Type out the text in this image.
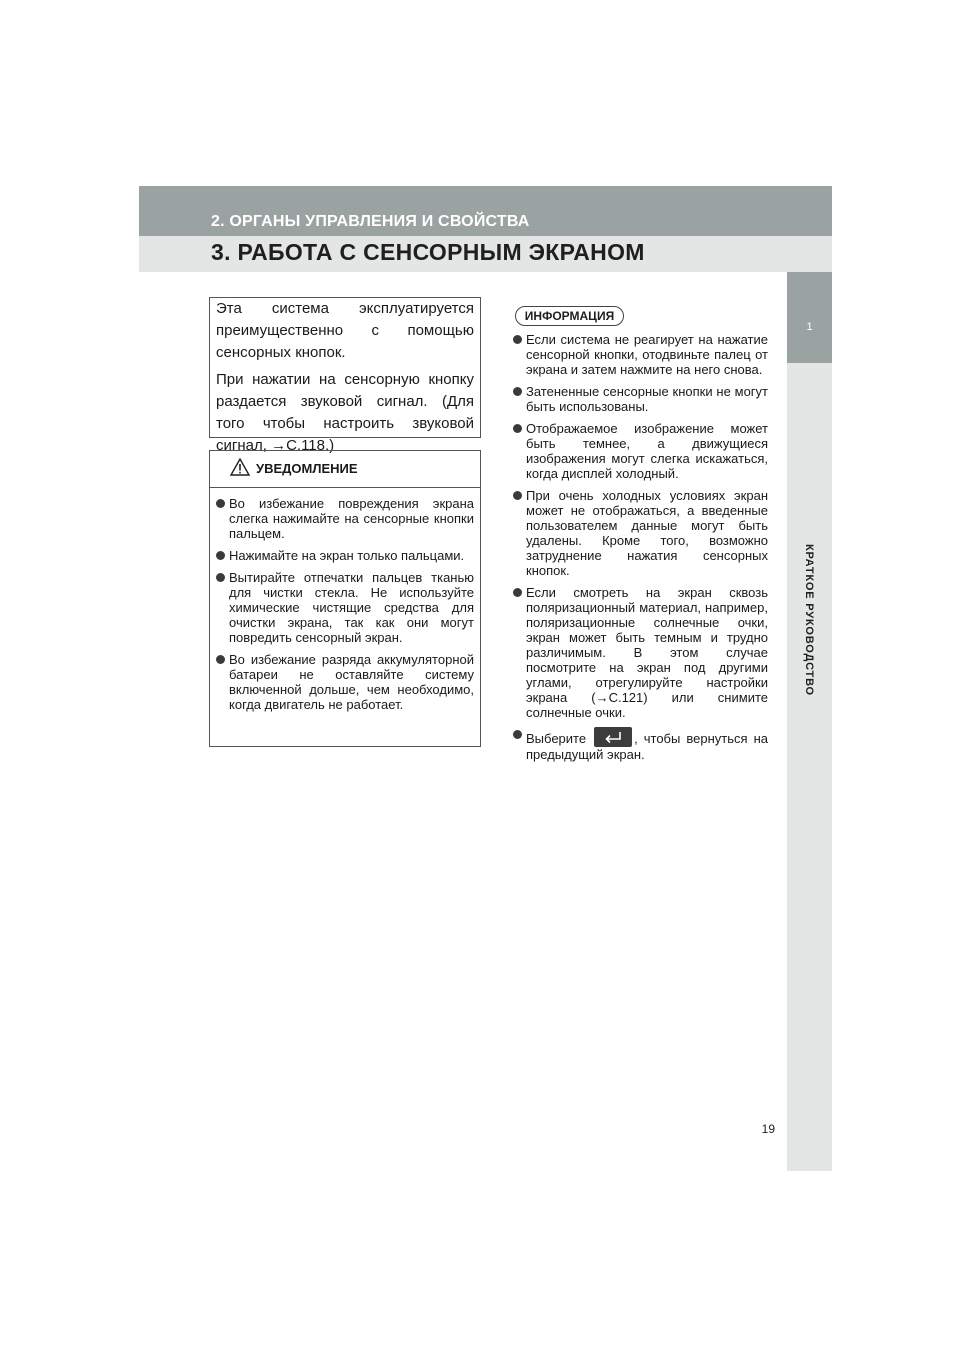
2. ОРГАНЫ УПРАВЛЕНИЯ И СВОЙСТВА
3. РАБОТА С СЕНСОРНЫМ ЭКРАНОМ
1
КРАТКОЕ РУКОВОДСТВО

Эта система эксплуатируется преимущественно с помощью сенсорных кнопок.

При нажатии на сенсорную кнопку раздается звуковой сигнал. (Для того чтобы настроить звуковой сигнал, →С.118.)

УВЕДОМЛЕНИЕ
Во избежание повреждения экрана слегка нажимайте на сенсорные кнопки пальцем.
Нажимайте на экран только пальцами.
Вытирайте отпечатки пальцев тканью для чистки стекла. Не используйте химические чистящие средства для очистки экрана, так как они могут повредить сенсорный экран.
Во избежание разряда аккумуляторной батареи не оставляйте систему включенной дольше, чем необходимо, когда двигатель не работает.
ИНФОРМАЦИЯ
Если система не реагирует на нажатие сенсорной кнопки, отодвиньте палец от экрана и затем нажмите на него снова.
Затененные сенсорные кнопки не могут быть использованы.
Отображаемое изображение может быть темнее, а движущиеся изображения могут слегка искажаться, когда дисплей холодный.
При очень холодных условиях экран может не отображаться, а введенные пользователем данные могут быть удалены. Кроме того, возможно затруднение нажатия сенсорных кнопок.
Если смотреть на экран сквозь поляризационный материал, например, поляризационные солнечные очки, экран может быть темным и трудно различимым. В этом случае посмотрите на экран под другими углами, отрегулируйте настройки экрана (→С.121) или снимите солнечные очки.
Выберите	, чтобы вернуться на предыдущий экран.
19
